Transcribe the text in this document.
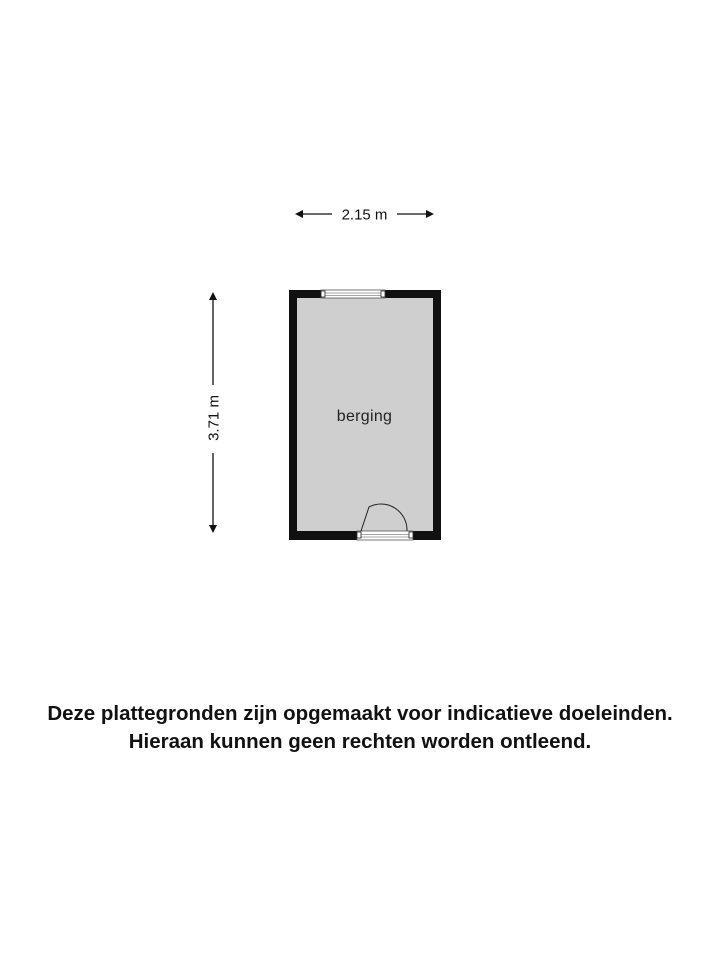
2.15 m
3.71 m	berging
Deze plattegronden zijn opgemaakt voor indicatieve doeleinden.
Hieraan kunnen geen rechten worden ontleend.
